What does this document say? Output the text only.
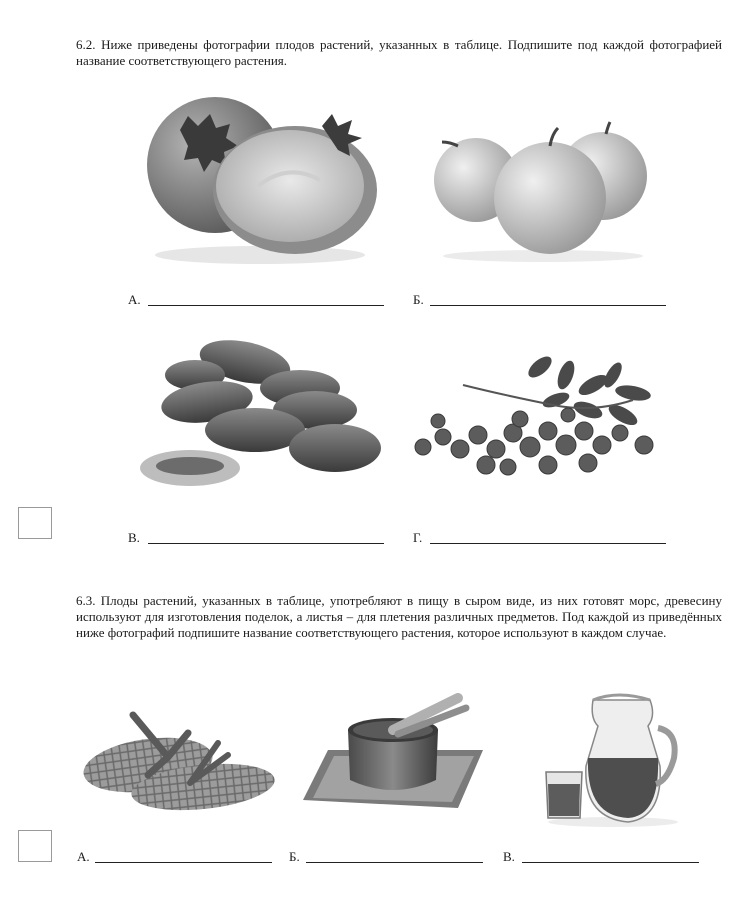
6.2. Ниже приведены фотографии плодов растений, указанных в таблице. Подпишите под каждой фотографией название соответствующего растения.
А.	Б.
В.	Г.
6.3. Плоды растений, указанных в таблице, употребляют в пищу в сыром виде, из них готовят морс, древесину используют для изготовления поделок, а листья – для плетения различных предметов. Под каждой из приведённых ниже фотографий подпишите название соответствующего растения, которое используют в каждом случае.
А.	Б.	В.
